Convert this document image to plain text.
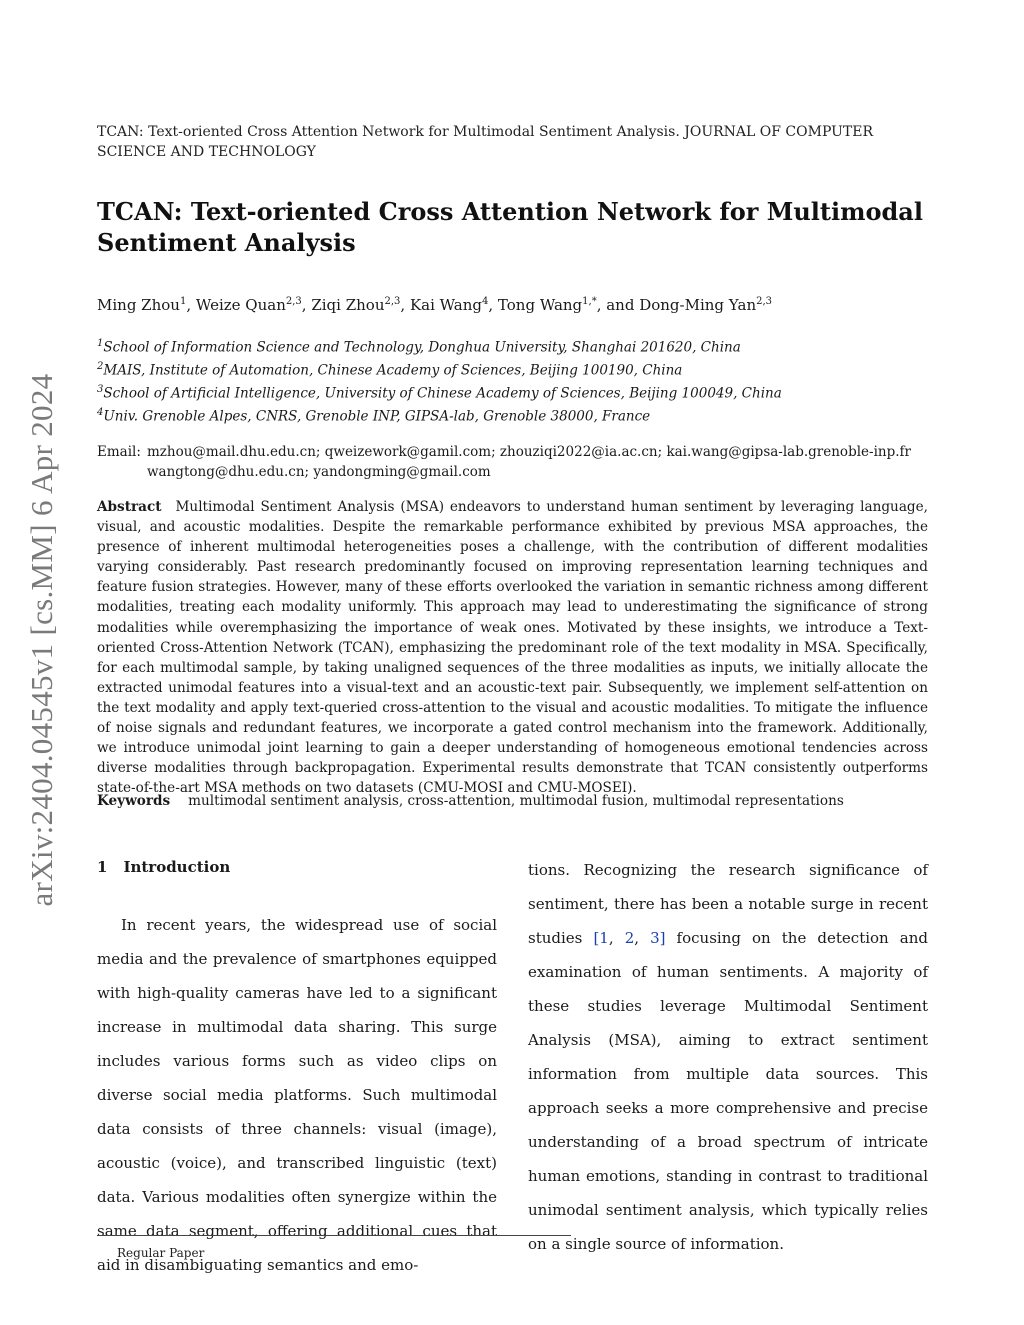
arXiv:2404.04545v1 [cs.MM] 6 Apr 2024
TCAN: Text-oriented Cross Attention Network for Multimodal Sentiment Analysis. JOURNAL OF COMPUTER SCIENCE AND TECHNOLOGY
TCAN: Text-oriented Cross Attention Network for Multimodal Sentiment Analysis
Ming Zhou$^1$, Weize Quan$^{2,3}$, Ziqi Zhou$^{2,3}$, Kai Wang$^4$, Tong Wang$^{1,*}$, and Dong-Ming Yan$^{2,3}$
$^1$School of Information Science and Technology, Donghua University, Shanghai 201620, China
$^2$MAIS, Institute of Automation, Chinese Academy of Sciences, Beijing 100190, China
$^3$School of Artificial Intelligence, University of Chinese Academy of Sciences, Beijing 100049, China
$^4$Univ. Grenoble Alpes, CNRS, Grenoble INP, GIPSA-lab, Grenoble 38000, France
Email: mzhou@mail.dhu.edu.cn; qweizework@gamil.com; zhouziqi2022@ia.ac.cn; kai.wang@gipsa-lab.grenoble-inp.fr
wangtong@dhu.edu.cn; yandongming@gmail.com
Abstract Multimodal Sentiment Analysis (MSA) endeavors to understand human sentiment by leveraging language, visual, and acoustic modalities. Despite the remarkable performance exhibited by previous MSA approaches, the presence of inherent multimodal heterogeneities poses a challenge, with the contribution of different modalities varying considerably. Past research predominantly focused on improving representation learning techniques and feature fusion strategies. However, many of these efforts overlooked the variation in semantic richness among different modalities, treating each modality uniformly. This approach may lead to underestimating the significance of strong modalities while overemphasizing the importance of weak ones. Motivated by these insights, we introduce a Text-oriented Cross-Attention Network (TCAN), emphasizing the predominant role of the text modality in MSA. Specifically, for each multimodal sample, by taking unaligned sequences of the three modalities as inputs, we initially allocate the extracted unimodal features into a visual-text and an acoustic-text pair. Subsequently, we implement self-attention on the text modality and apply text-queried cross-attention to the visual and acoustic modalities. To mitigate the influence of noise signals and redundant features, we incorporate a gated control mechanism into the framework. Additionally, we introduce unimodal joint learning to gain a deeper understanding of homogeneous emotional tendencies across diverse modalities through backpropagation. Experimental results demonstrate that TCAN consistently outperforms state-of-the-art MSA methods on two datasets (CMU-MOSI and CMU-MOSEI).
Keywords multimodal sentiment analysis, cross-attention, multimodal fusion, multimodal representations
1 Introduction
In recent years, the widespread use of social media and the prevalence of smartphones equipped with high-quality cameras have led to a significant increase in multimodal data sharing. This surge includes various forms such as video clips on diverse social media platforms. Such multimodal data consists of three channels: visual (image), acoustic (voice), and transcribed linguistic (text) data. Various modalities often synergize within the same data segment, offering additional cues that aid in disambiguating semantics and emo-
tions. Recognizing the research significance of sentiment, there has been a notable surge in recent studies [1, 2, 3] focusing on the detection and examination of human sentiments. A majority of these studies leverage Multimodal Sentiment Analysis (MSA), aiming to extract sentiment information from multiple data sources. This approach seeks a more comprehensive and precise understanding of a broad spectrum of intricate human emotions, standing in contrast to traditional unimodal sentiment analysis, which typically relies on a single source of information.
Regular Paper
